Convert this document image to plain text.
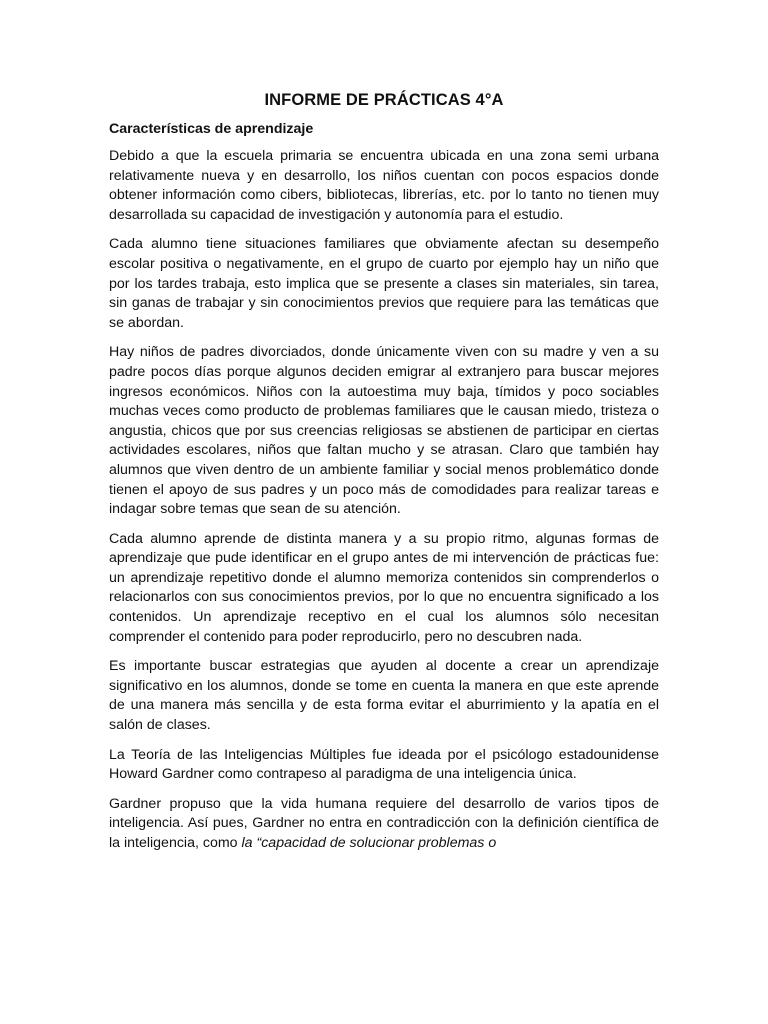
INFORME DE PRÁCTICAS 4°A
Características de aprendizaje

Debido a que la escuela primaria se encuentra ubicada en una zona semi urbana relativamente nueva y en desarrollo, los niños cuentan con pocos espacios donde obtener información como cibers, bibliotecas, librerías, etc. por lo tanto no tienen muy desarrollada su capacidad de investigación y autonomía para el estudio.

Cada alumno tiene situaciones familiares que obviamente afectan su desempeño escolar positiva o negativamente, en el grupo de cuarto por ejemplo hay un niño que por los tardes trabaja, esto implica que se presente a clases sin materiales, sin tarea, sin ganas de trabajar y sin conocimientos previos que requiere para las temáticas que se abordan.

Hay niños de padres divorciados, donde únicamente viven con su madre y ven a su padre pocos días porque algunos deciden emigrar al extranjero para buscar mejores ingresos económicos. Niños con la autoestima muy baja, tímidos y poco sociables muchas veces como producto de problemas familiares que le causan miedo, tristeza o angustia, chicos que por sus creencias religiosas se abstienen de participar en ciertas actividades escolares, niños que faltan mucho y se atrasan. Claro que también hay alumnos que viven dentro de un ambiente familiar y social menos problemático donde tienen el apoyo de sus padres y un poco más de comodidades para realizar tareas e indagar sobre temas que sean de su atención.

Cada alumno aprende de distinta manera y a su propio ritmo, algunas formas de aprendizaje que pude identificar en el grupo antes de mi intervención de prácticas fue: un aprendizaje repetitivo donde el alumno memoriza contenidos sin comprenderlos o relacionarlos con sus conocimientos previos, por lo que no encuentra significado a los contenidos. Un aprendizaje receptivo en el cual los alumnos sólo necesitan comprender el contenido para poder reproducirlo, pero no descubren nada.

Es importante buscar estrategias que ayuden al docente a crear un aprendizaje significativo en los alumnos, donde se tome en cuenta la manera en que este aprende de una manera más sencilla y de esta forma evitar el aburrimiento y la apatía en el salón de clases.

La Teoría de las Inteligencias Múltiples fue ideada por el psicólogo estadounidense Howard Gardner como contrapeso al paradigma de una inteligencia única.

Gardner propuso que la vida humana requiere del desarrollo de varios tipos de inteligencia. Así pues, Gardner no entra en contradicción con la definición científica de la inteligencia, como la “capacidad de solucionar problemas o
